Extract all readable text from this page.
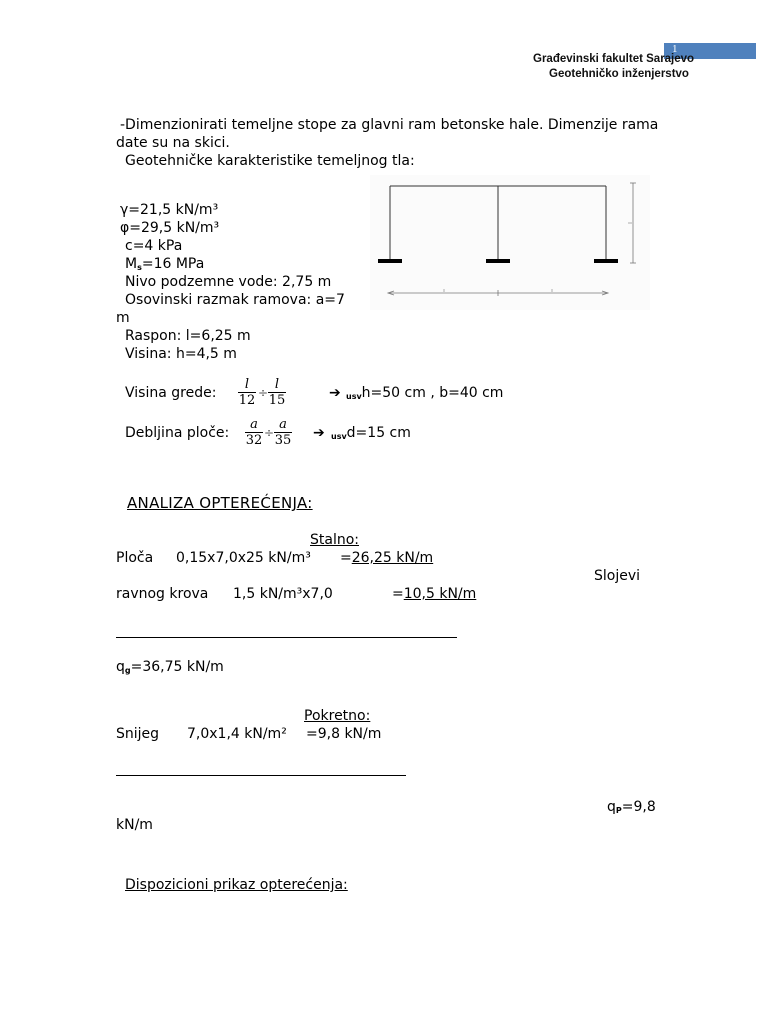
1
Građevinski fakultet Sarajevo
Geotehničko inženjerstvo
-Dimenzionirati temeljne stope za glavni ram betonske hale. Dimenzije rama
date su na skici.
Geotehničke karakteristike temeljnog tla:
γ=21,5 kN/m³
φ=29,5 kN/m³
c=4 kPa
$M_s=16$ MPa
Nivo podzemne vode: 2,75 m
Osovinski razmak ramova: a=7
m
Raspon: l=6,25 m
Visina: h=4,5 m
Visina grede: $\frac{l}{12} \div \frac{l}{15}$	➔ $_{usv}$h=50 cm , b=40 cm
Debljina ploče: $\frac{a}{32} \div \frac{a}{35}$ ➔ $_{usv}$d=15 cm
ANALIZA OPTEREĆENJA:
Stalno:
Ploča 0,15x7,0x25 kN/m³ =26,25 kN/m
Slojevi
ravnog krova 1,5 kN/m³x7,0	=10,5 kN/m
$q_g=36,75$ kN/m
Pokretno:
Snijeg 7,0x1,4 kN/m² =9,8 kN/m
$q_P=9,8$
kN/m
Dispozicioni prikaz opterećenja:
